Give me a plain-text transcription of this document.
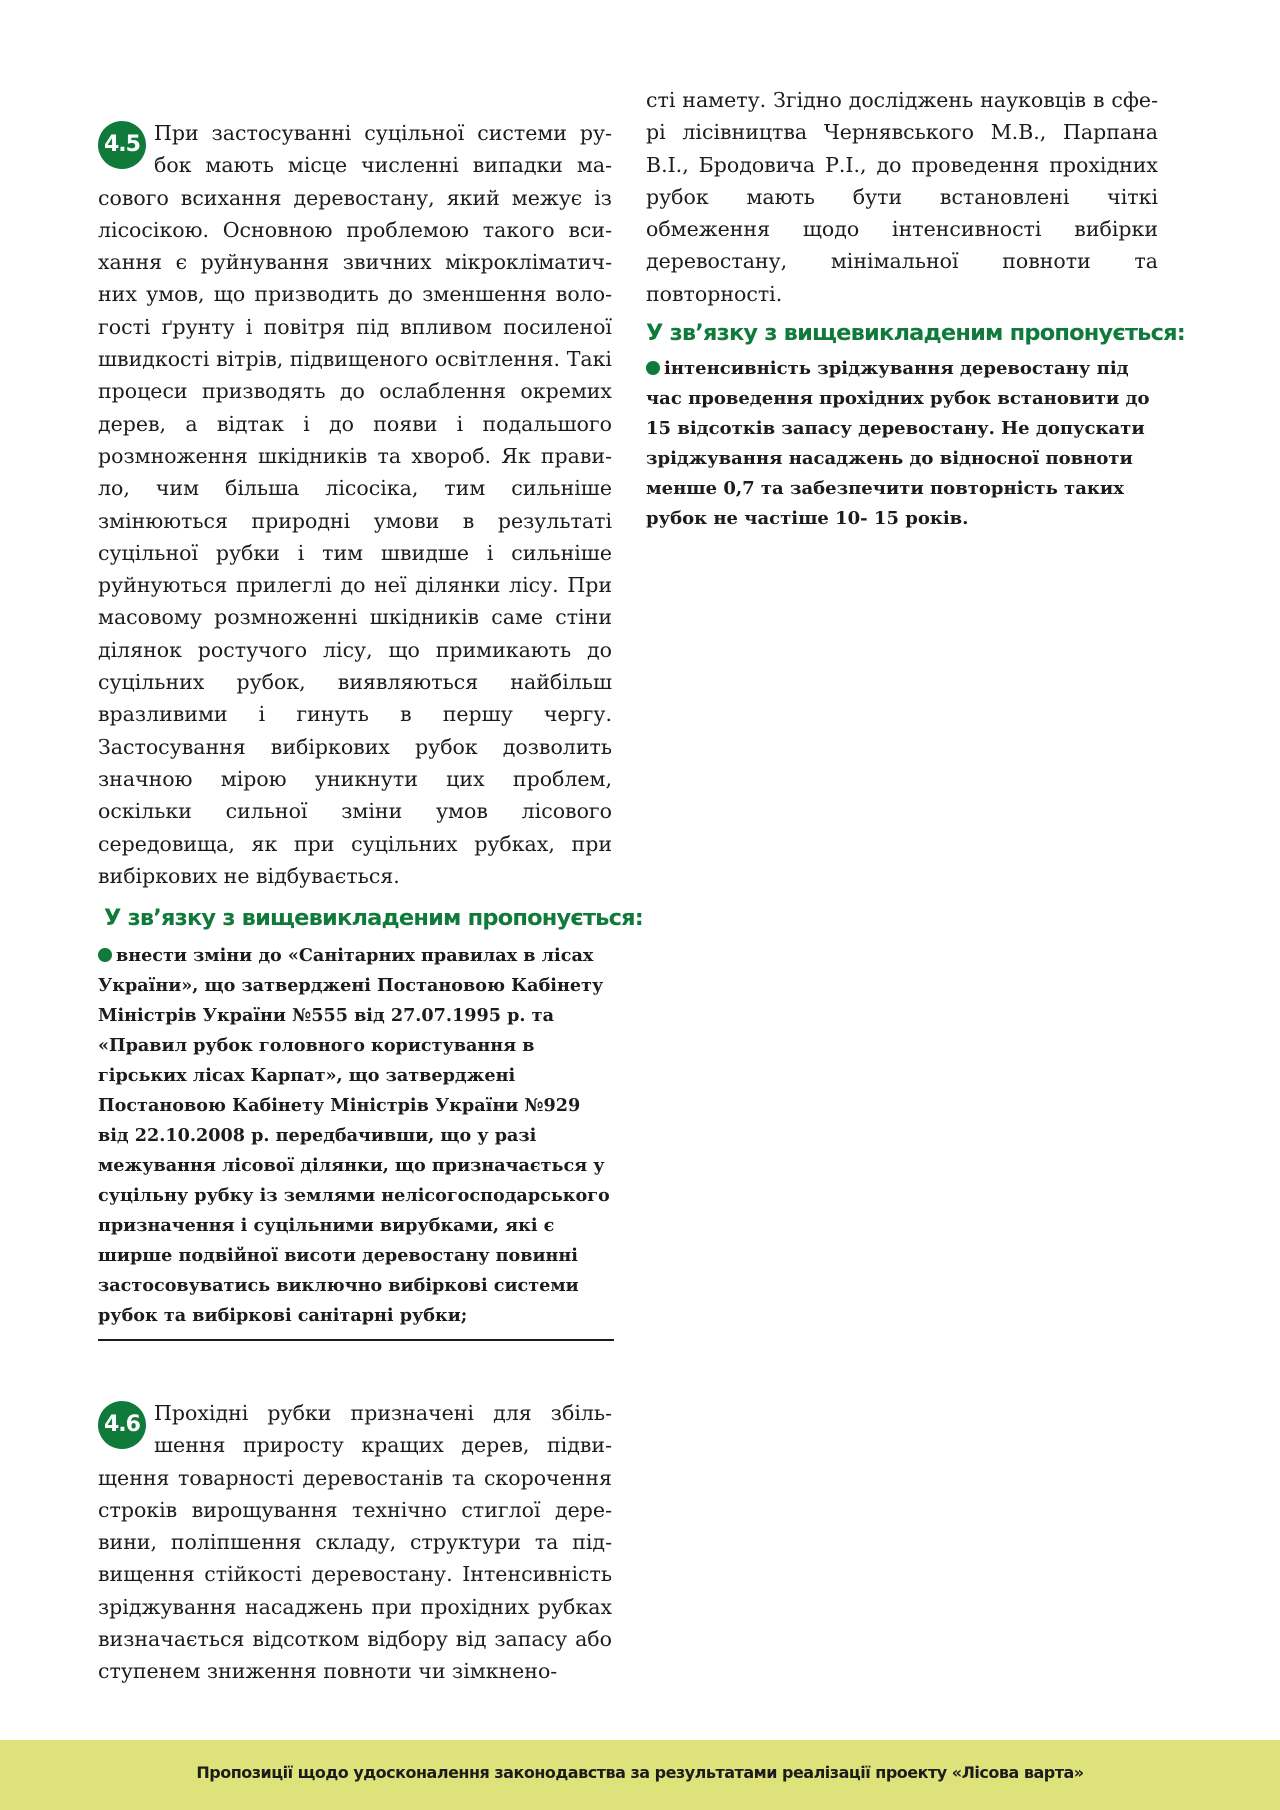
4.5 При застосуванні суцільної системи рубок мають місце численні випадки масового всихання деревостану, який межує із лісосікою. Основною проблемою такого всихання є руйнування звичних мікрокліматичних умов, що призводить до зменшення вологості ґрунту і повітря під впливом посиленої швидкості вітрів, підвищеного освітлення. Такі процеси призводять до ослаблення окремих дерев, а відтак і до появи і подальшого розмноження шкідників та хвороб. Як правило, чим більша лісосіка, тим сильніше змінюються природні умови в результаті суцільної рубки і тим швидше і сильніше руйнуються прилеглі до неї ділянки лісу. При масовому розмноженні шкідників саме стіни ділянок ростучого лісу, що примикають до суцільних рубок, виявляються найбільш вразливими і гинуть в першу чергу. Застосування вибіркових рубок дозволить значною мірою уникнути цих проблем, оскільки сильної зміни умов лісового середовища, як при суцільних рубках, при вибіркових не відбувається.

У зв’язку з вищевикладеним пропонується:

внести зміни до «Санітарних правилах в лісах України», що затверджені Постановою Кабінету Міністрів України №555 від 27.07.1995 р. та «Правил рубок головного користування в гірських лісах Карпат», що затверджені Постановою Кабінету Міністрів України №929 від 22.10.2008 р. передбачивши, що у разі межування лісової ділянки, що призначається у суцільну рубку із землями нелісогосподарського призначення і суцільними вирубками, які є ширше подвійної висоти деревостану повинні застосовуватись виключно вибіркові системи рубок та вибіркові санітарні рубки;

4.6 Прохідні рубки призначені для збільшення приросту кращих дерев, підвищення товарності деревостанів та скорочення строків вирощування технічно стиглої деревини, поліпшення складу, структури та підвищення стійкості деревостану. Інтенсивність зріджування насаджень при прохідних рубках визначається відсотком відбору від запасу або ступенем зниження повноти чи зімкнено-

сті намету. Згідно досліджень науковців в сфері лісівництва Чернявського М.В., Парпана В.І., Бродовича Р.І., до проведення прохідних рубок мають бути встановлені чіткі обмеження щодо інтенсивності вибірки деревостану, мінімальної повноти та повторності.

У зв’язку з вищевикладеним пропонується:

інтенсивність зріджування деревостану під час проведення прохідних рубок встановити до 15 відсотків запасу деревостану. Не допускати зріджування насаджень до відносної повноти менше 0,7 та забезпечити повторність таких рубок не частіше 10- 15 років.

Пропозиції щодо удосконалення законодавства за результатами реалізації проекту «Лісова варта»
